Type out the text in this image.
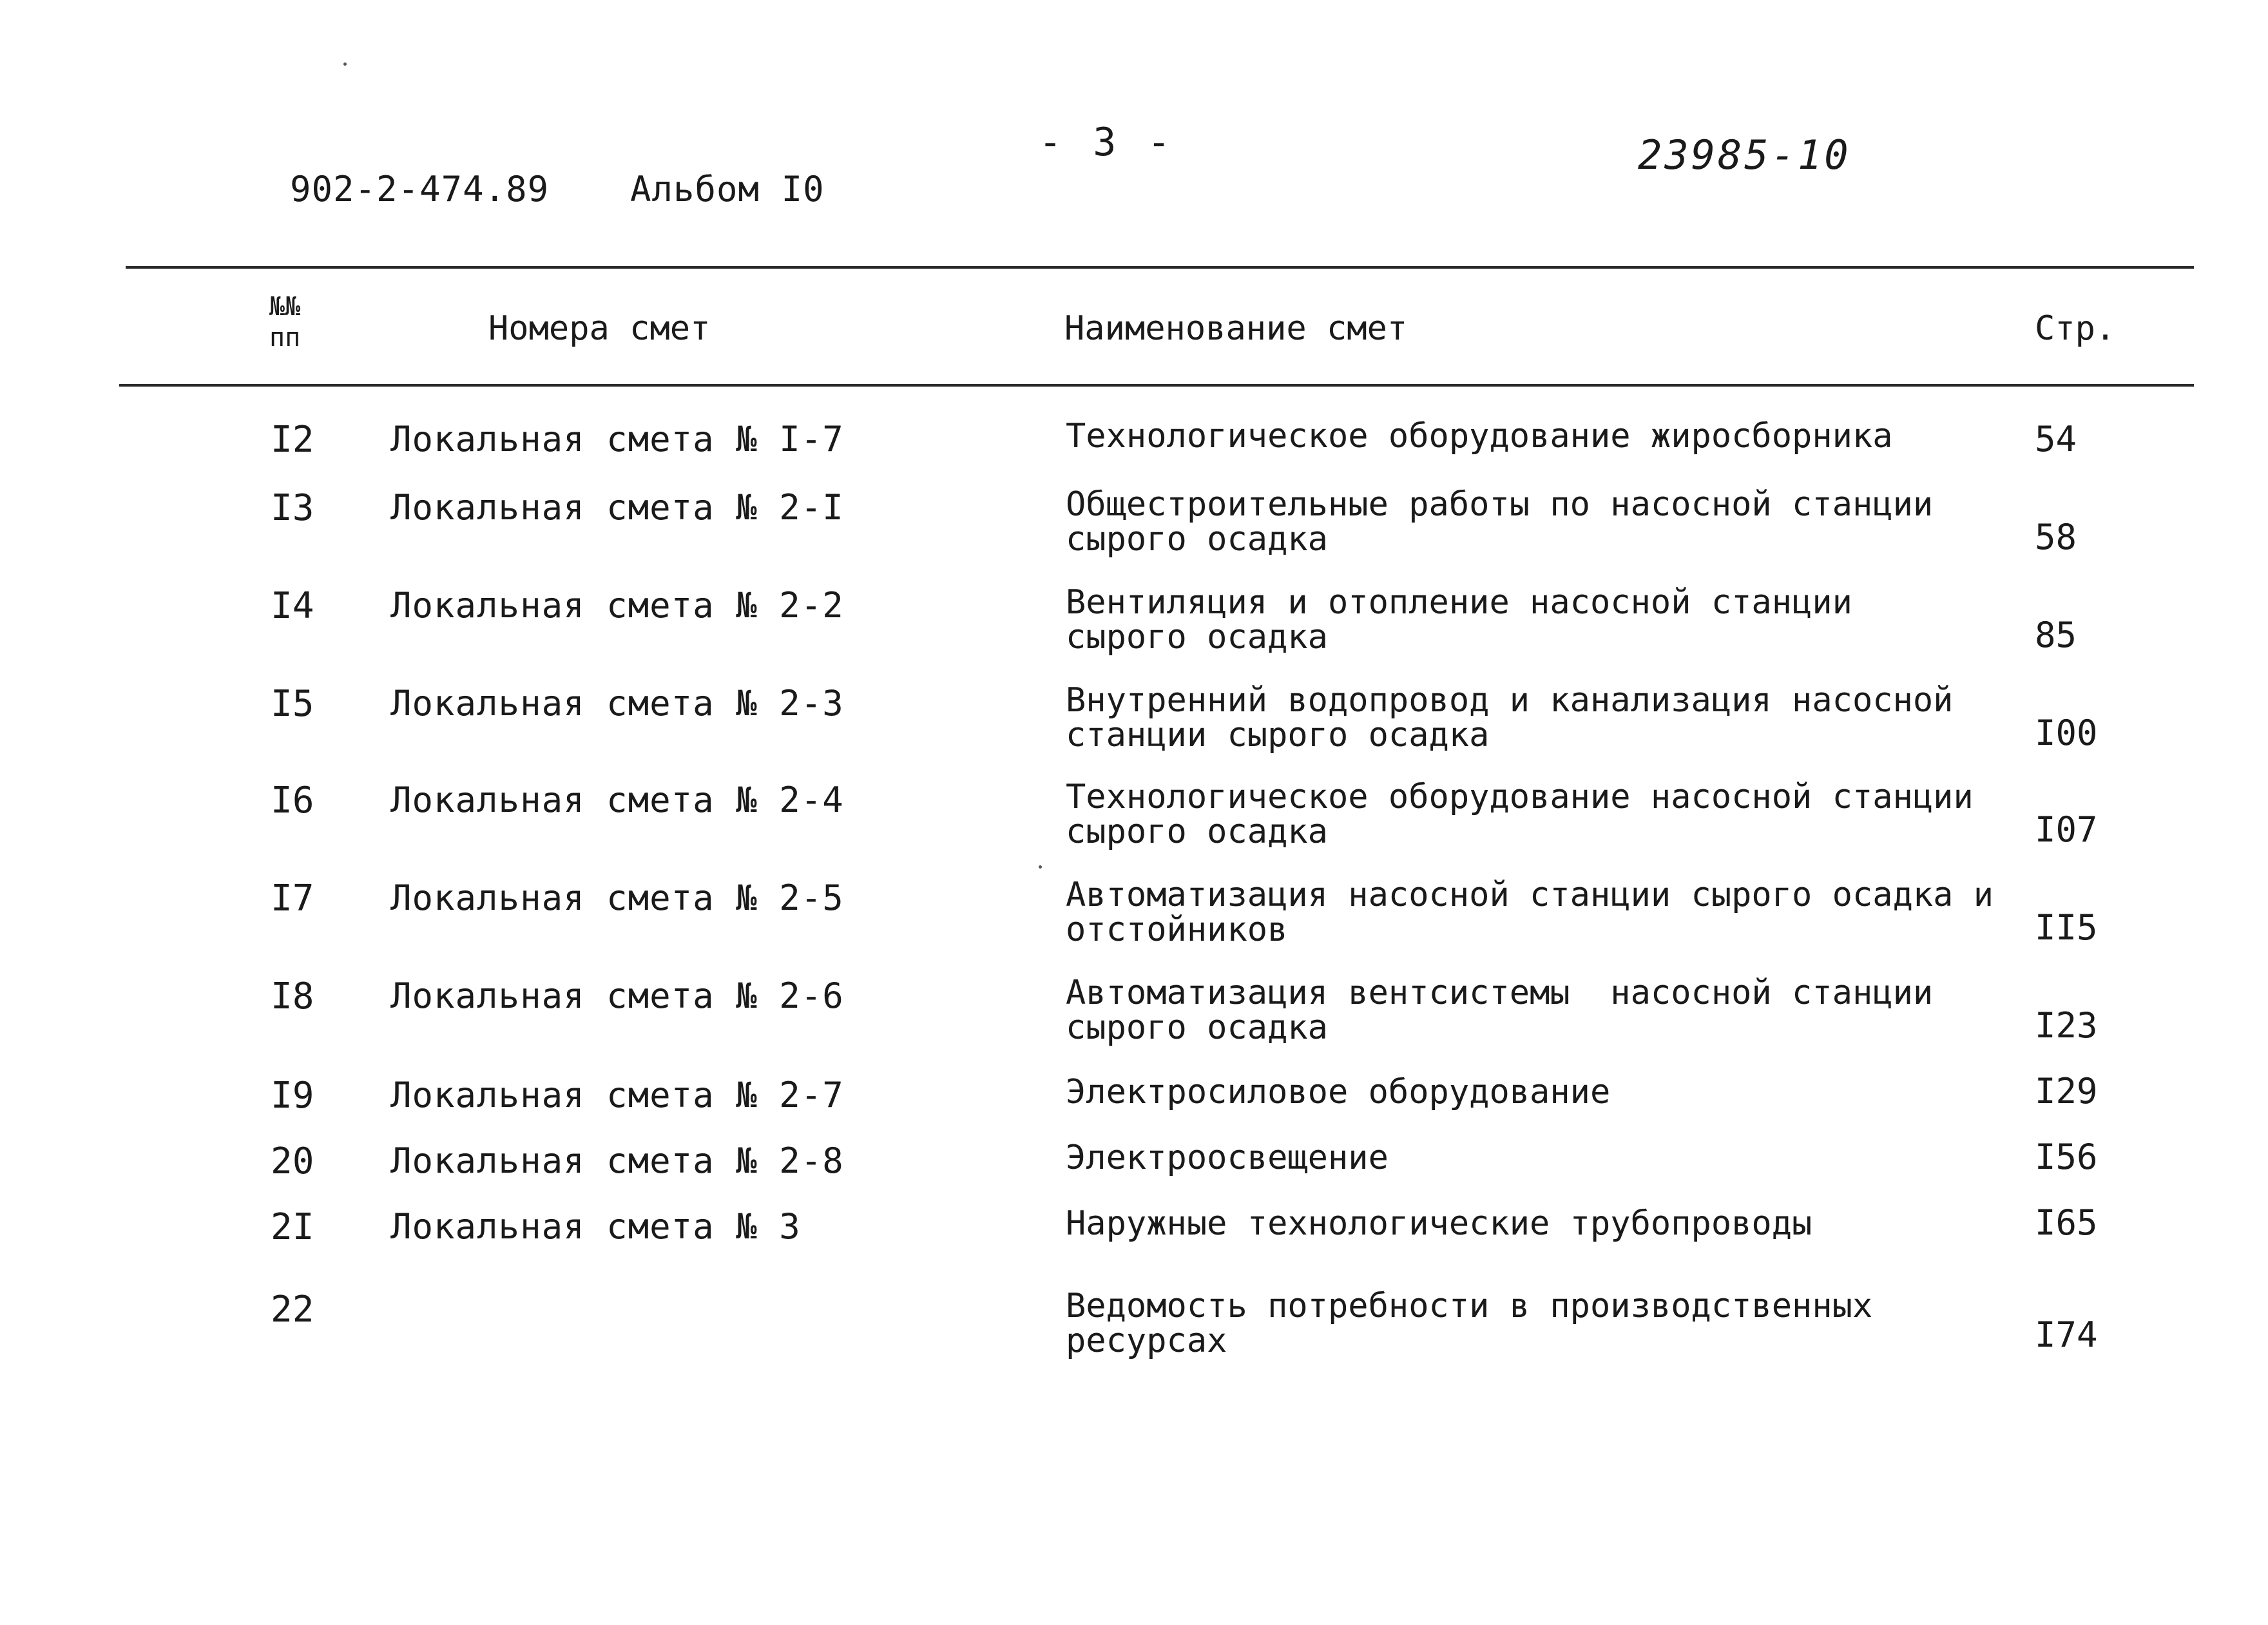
902-2-474.89 Альбом I0
- 3 -	23985-10
№№
пп	Номера смет	Наименование смет	Стр.
I2 Локальная смета № I-7	Технологическое оборудование жиросборника	54
I3 Локальная смета № 2-I	Общестроительные работы по насосной станции
сырого осадка	58
I4 Локальная смета № 2-2	Вентиляция и отопление насосной станции
сырого осадка	85
I5 Локальная смета № 2-3	Внутренний водопровод и канализация насосной
станции сырого осадка	I00
I6 Локальная смета № 2-4	Технологическое оборудование насосной станции
сырого осадка	I07
I7 Локальная смета № 2-5	Автоматизация насосной станции сырого осадка и
отстойников	II5
I8 Локальная смета № 2-6	Автоматизация вентсистемы  насосной станции
сырого осадка	I23
I9 Локальная смета № 2-7	Электросиловое оборудование	I29
20 Локальная смета № 2-8	Электроосвещение	I56
2I Локальная смета № 3	Наружные технологические трубопроводы	I65
22	Ведомость потребности в производственных
ресурсах	I74
